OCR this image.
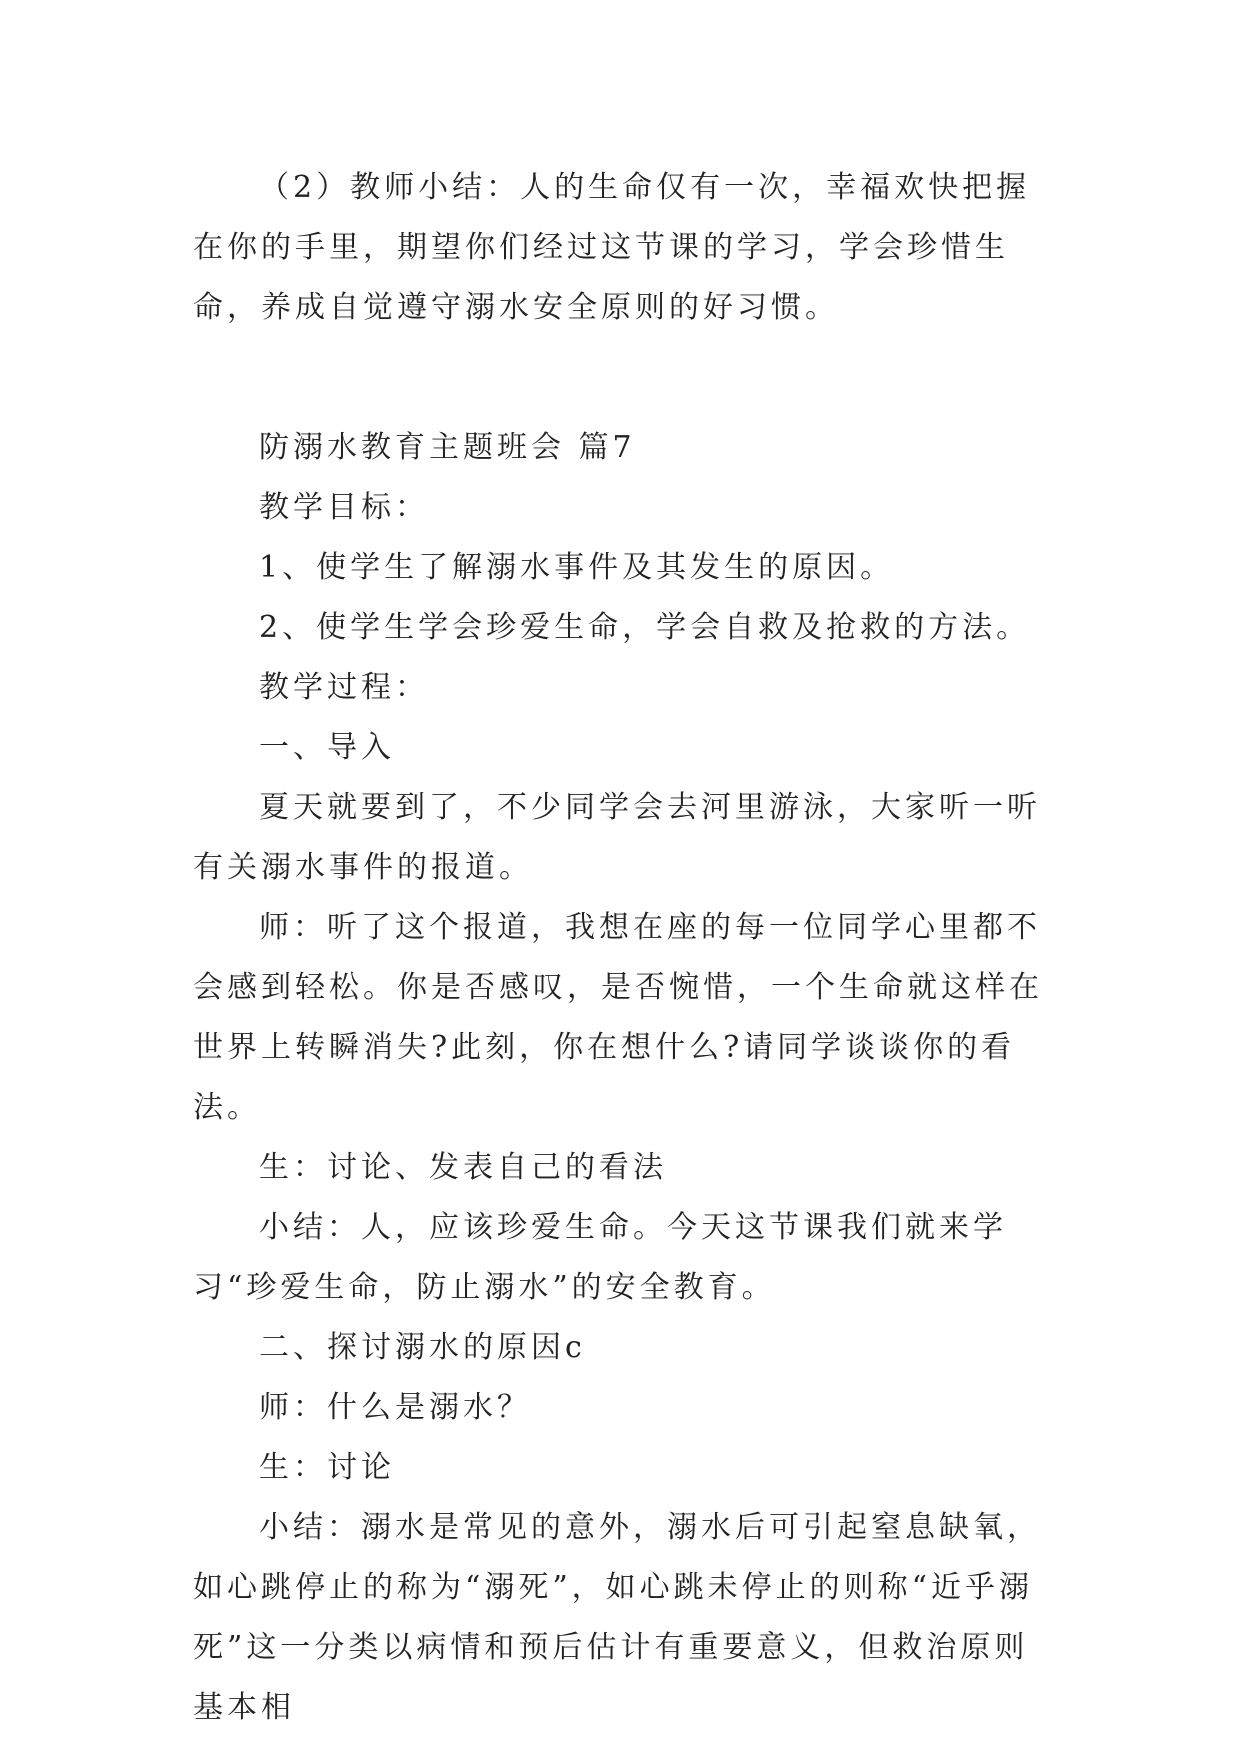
（2）教师小结：人的生命仅有一次，幸福欢快把握在你的手里，期望你们经过这节课的学习，学会珍惜生命，养成自觉遵守溺水安全原则的好习惯。

防溺水教育主题班会 篇7

教学目标：

1、使学生了解溺水事件及其发生的原因。

2、使学生学会珍爱生命，学会自救及抢救的方法。

教学过程：

一、导入

夏天就要到了，不少同学会去河里游泳，大家听一听有关溺水事件的报道。

师：听了这个报道，我想在座的每一位同学心里都不会感到轻松。你是否感叹，是否惋惜，一个生命就这样在世界上转瞬消失?此刻，你在想什么?请同学谈谈你的看法。

生：讨论、发表自己的看法

小结：人，应该珍爱生命。今天这节课我们就来学习“珍爱生命，防止溺水”的安全教育。

二、探讨溺水的原因c

师：什么是溺水？

生：讨论

小结：溺水是常见的意外，溺水后可引起窒息缺氧，如心跳停止的称为“溺死”，如心跳未停止的则称“近乎溺死”这一分类以病情和预后估计有重要意义，但救治原则基本相
